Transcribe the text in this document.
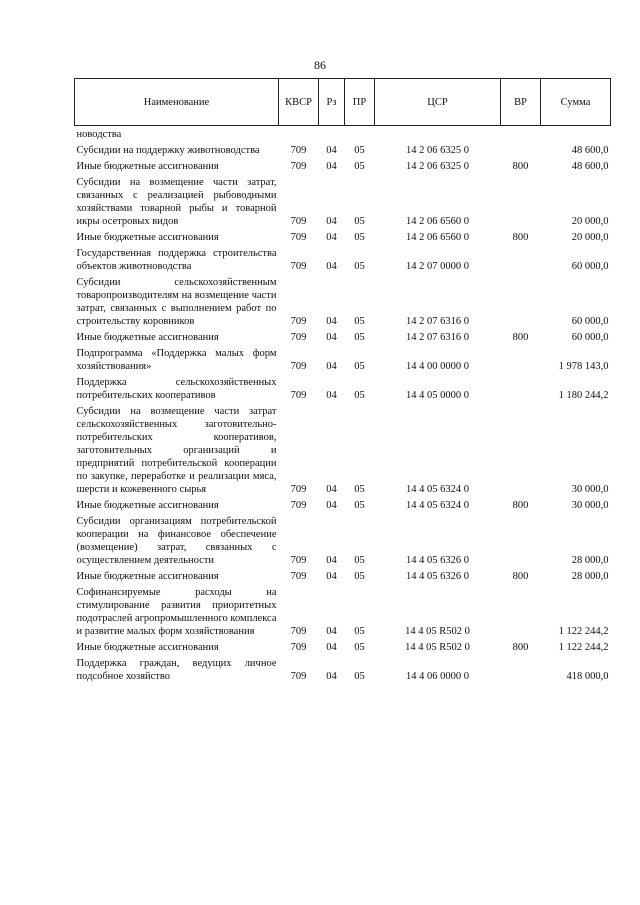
86
Наименование	КВСР	Рз	ПР	ЦСР	ВР	Сумма
новодства						
Субсидии на поддержку животноводства	709	04	05	14 2 06 6325 0		48 600,0
Иные бюджетные ассигнования	709	04	05	14 2 06 6325 0	800	48 600,0
Субсидии на возмещение части затрат, связанных с реализацией рыбоводными хозяйствами товарной рыбы и товарной икры осетровых видов	709	04	05	14 2 06 6560 0		20 000,0
Иные бюджетные ассигнования	709	04	05	14 2 06 6560 0	800	20 000,0
Государственная поддержка строительства объектов животноводства	709	04	05	14 2 07 0000 0		60 000,0
Субсидии сельскохозяйственным товаропроизводителям на возмещение части затрат, связанных с выполнением работ по строительству коровников	709	04	05	14 2 07 6316 0		60 000,0
Иные бюджетные ассигнования	709	04	05	14 2 07 6316 0	800	60 000,0
Подпрограмма «Поддержка малых форм хозяйствования»	709	04	05	14 4 00 0000 0		1 978 143,0
Поддержка сельскохозяйственных потребительских кооперативов	709	04	05	14 4 05 0000 0		1 180 244,2
Субсидии на возмещение части затрат сельскохозяйственных заготовительно-потребительских кооперативов, заготовительных организаций и предприятий потребительской кооперации по закупке, переработке и реализации мяса, шерсти и кожевенного сырья	709	04	05	14 4 05 6324 0		30 000,0
Иные бюджетные ассигнования	709	04	05	14 4 05 6324 0	800	30 000,0
Субсидии организациям потребительской кооперации на финансовое обеспечение (возмещение) затрат, связанных с осуществлением деятельности	709	04	05	14 4 05 6326 0		28 000,0
Иные бюджетные ассигнования	709	04	05	14 4 05 6326 0	800	28 000,0
Софинансируемые расходы на стимулирование развития приоритетных подотраслей агропромышленного комплекса и развитие малых форм хозяйствования	709	04	05	14 4 05 R502 0		1 122 244,2
Иные бюджетные ассигнования	709	04	05	14 4 05 R502 0	800	1 122 244,2
Поддержка граждан, ведущих личное подсобное хозяйство	709	04	05	14 4 06 0000 0		418 000,0
